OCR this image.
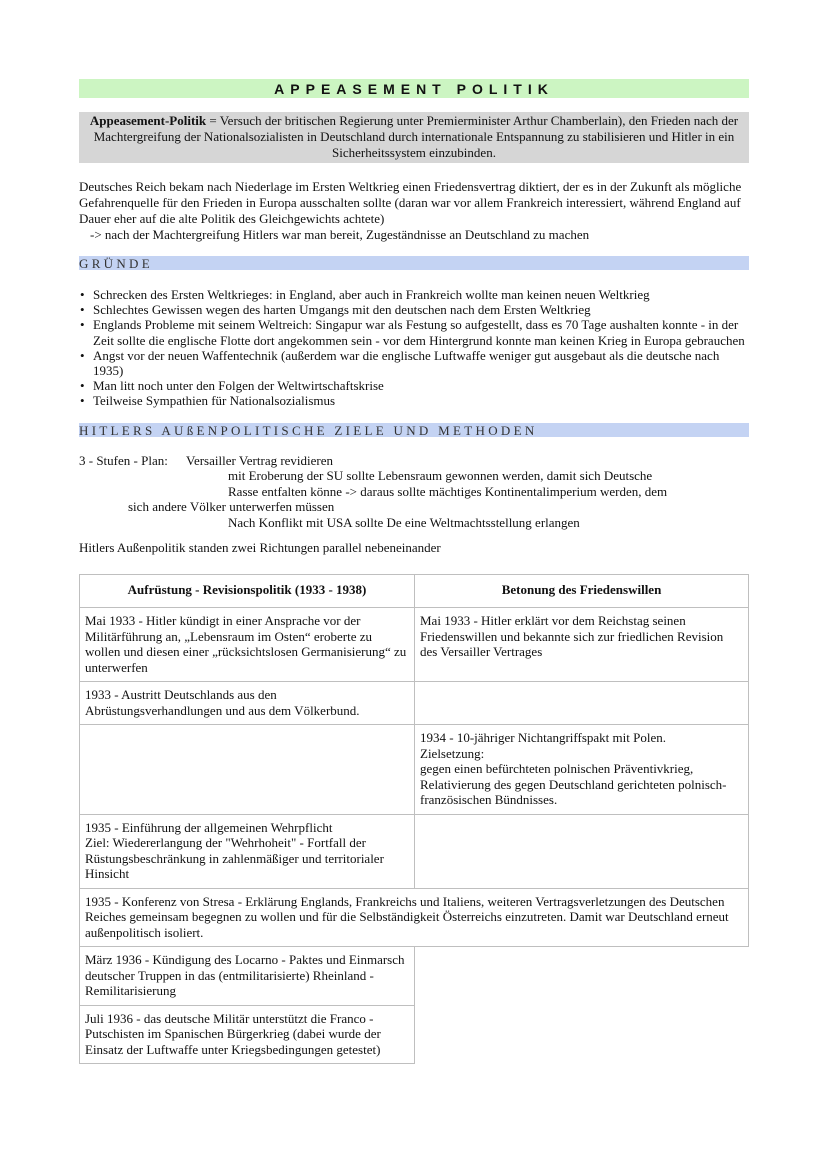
APPEASEMENT POLITIK
Appeasement-Politik = Versuch der britischen Regierung unter Premierminister Arthur Chamberlain), den Frieden nach der Machtergreifung der Nationalsozialisten in Deutschland durch internationale Entspannung zu stabilisieren und Hitler in ein Sicherheitssystem einzubinden.
Deutsches Reich bekam nach Niederlage im Ersten Weltkrieg einen Friedensvertrag diktiert, der es in der Zukunft als mögliche Gefahrenquelle für den Frieden in Europa ausschalten sollte (daran war vor allem Frankreich interessiert, während England auf Dauer eher auf die alte Politik des Gleichgewichts achtete)
-> nach der Machtergreifung Hitlers war man bereit, Zugeständnisse an Deutschland zu machen
GRÜNDE
• Schrecken des Ersten Weltkrieges: in England, aber auch in Frankreich wollte man keinen neuen Weltkrieg
• Schlechtes Gewissen wegen des harten Umgangs mit den deutschen nach dem Ersten Weltkrieg
• Englands Probleme mit seinem Weltreich: Singapur war als Festung so aufgestellt, dass es 70 Tage aushalten konnte - in der Zeit sollte die englische Flotte dort angekommen sein - vor dem Hintergrund konnte man keinen Krieg in Europa gebrauchen
• Angst vor der neuen Waffentechnik (außerdem war die englische Luftwaffe weniger gut ausgebaut als die deutsche nach 1935)
• Man litt noch unter den Folgen der Weltwirtschaftskrise
• Teilweise Sympathien für Nationalsozialismus
HITLERS AUßENPOLITISCHE ZIELE UND METHODEN
3 - Stufen - Plan: Versailler Vertrag revidieren
mit Eroberung der SU sollte Lebensraum gewonnen werden, damit sich Deutsche
Rasse entfalten könne -> daraus sollte mächtiges Kontinentalimperium werden, dem
sich andere Völker unterwerfen müssen
Nach Konflikt mit USA sollte De eine Weltmachtsstellung erlangen
Hitlers Außenpolitik standen zwei Richtungen parallel nebeneinander
Aufrüstung - Revisionspolitik (1933 - 1938)	Betonung des Friedenswillen
Mai 1933 - Hitler kündigt in einer Ansprache vor der Militärführung an, „Lebensraum im Osten“ eroberte zu wollen und diesen einer „rücksichtslosen Germanisierung“ zu unterwerfen	Mai 1933 - Hitler erklärt vor dem Reichstag seinen Friedenswillen und bekannte sich zur friedlichen Revision des Versailler Vertrages
1933 - Austritt Deutschlands aus den Abrüstungsverhandlungen und aus dem Völkerbund.	

	1934 - 10-jähriger Nichtangriffspakt mit Polen.
Zielsetzung:
gegen einen befürchteten polnischen Präventivkrieg, Relativierung des gegen Deutschland gerichteten polnisch-französischen Bündnisses.

1935 - Einführung der allgemeinen Wehrpflicht
Ziel: Wiedererlangung der "Wehrhoheit" - Fortfall der Rüstungsbeschränkung in zahlenmäßiger und territorialer Hinsicht	

1935 - Konferenz von Stresa - Erklärung Englands, Frankreichs und Italiens, weiteren Vertragsverletzungen des Deutschen Reiches gemeinsam begegnen zu wollen und für die Selbständigkeit Österreichs einzutreten. Damit war Deutschland erneut außenpolitisch isoliert.	
März 1936 - Kündigung des Locarno - Paktes und Einmarsch deutscher Truppen in das (entmilitarisierte) Rheinland - Remilitarisierung	
Juli 1936 - das deutsche Militär unterstützt die Franco - Putschisten im Spanischen Bürgerkrieg (dabei wurde der Einsatz der Luftwaffe unter Kriegsbedingungen getestet)	
